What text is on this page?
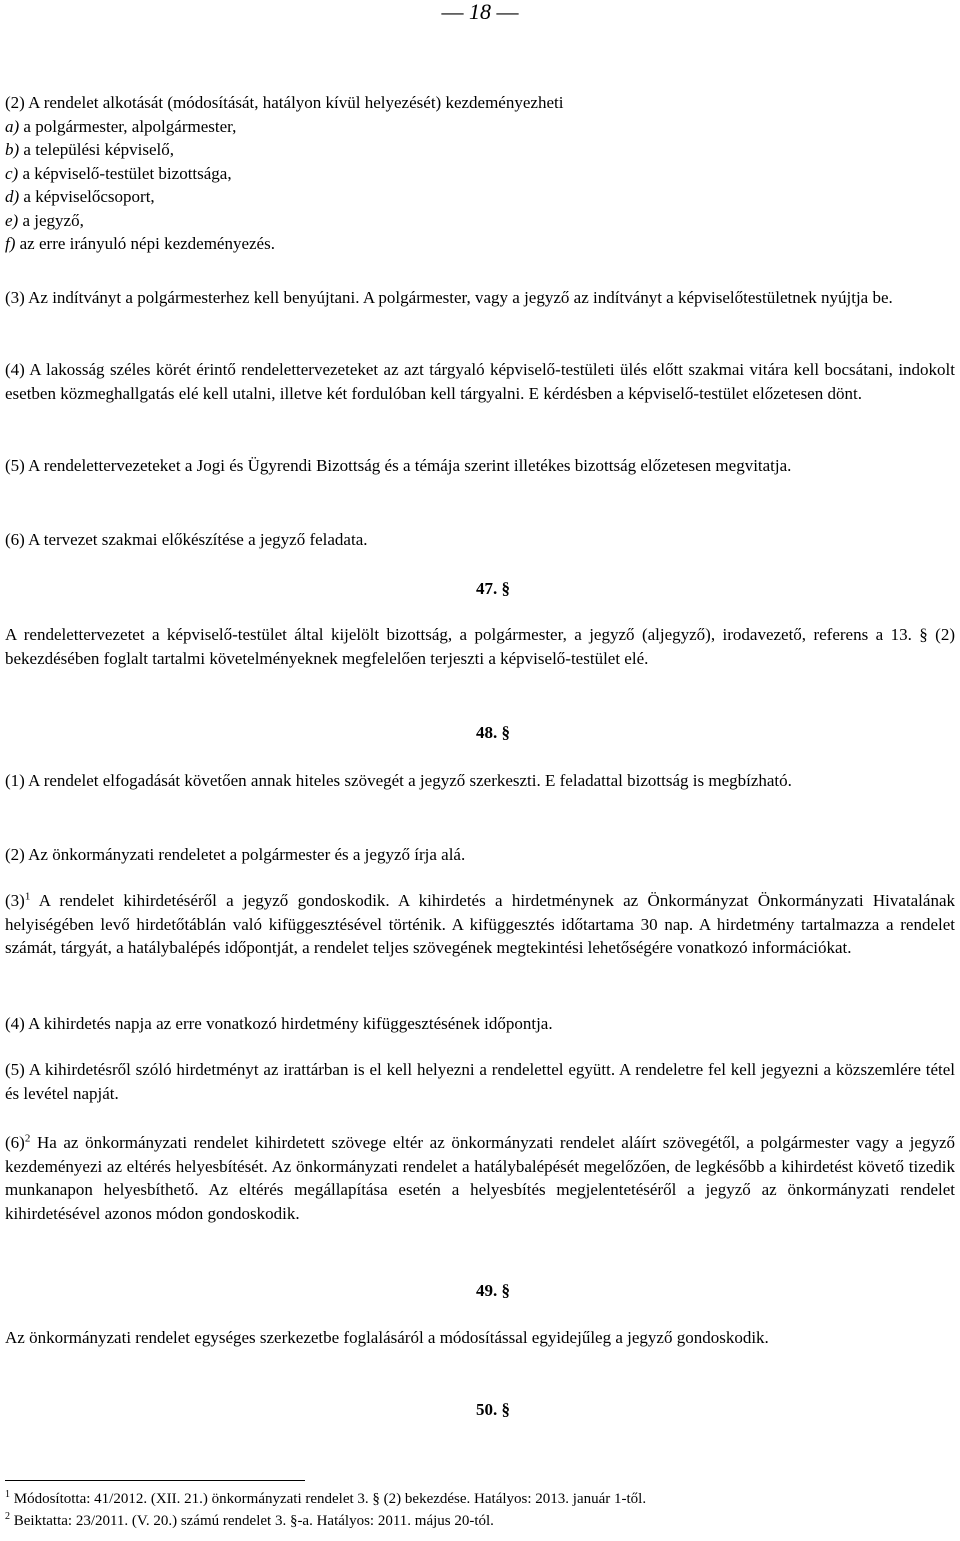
— 18 —

(2) A rendelet alkotását (módosítását, hatályon kívül helyezését) kezdeményezheti

a) a polgármester, alpolgármester,

b) a települési képviselő,

c) a képviselő-testület bizottsága,

d) a képviselőcsoport,

e) a jegyző,

f) az erre irányuló népi kezdeményezés.

(3) Az indítványt a polgármesterhez kell benyújtani. A polgármester, vagy a jegyző az indítványt a képviselőtestületnek nyújtja be.

(4) A lakosság széles körét érintő rendelettervezeteket az azt tárgyaló képviselő-testületi ülés előtt szakmai vitára kell bocsátani, indokolt esetben közmeghallgatás elé kell utalni, illetve két fordulóban kell tárgyalni. E kérdésben a képviselő-testület előzetesen dönt.

(5) A rendelettervezeteket a Jogi és Ügyrendi Bizottság és a témája szerint illetékes bizottság előzetesen megvitatja.

(6) A tervezet szakmai előkészítése a jegyző feladata.

47. §

A rendelettervezetet a képviselő-testület által kijelölt bizottság, a polgármester, a jegyző (aljegyző), irodavezető, referens a 13. § (2) bekezdésében foglalt tartalmi követelményeknek megfelelően terjeszti a képviselő-testület elé.

48. §

(1) A rendelet elfogadását követően annak hiteles szövegét a jegyző szerkeszti. E feladattal bizottság is megbízható.

(2) Az önkormányzati rendeletet a polgármester és a jegyző írja alá.

$(3)^1$ A rendelet kihirdetéséről a jegyző gondoskodik. A kihirdetés a hirdetménynek az Önkormányzat Önkormányzati Hivatalának helyiségében levő hirdetőtáblán való kifüggesztésével történik. A kifüggesztés időtartama 30 nap. A hirdetmény tartalmazza a rendelet számát, tárgyát, a hatálybalépés időpontját, a rendelet teljes szövegének megtekintési lehetőségére vonatkozó információkat.

(4) A kihirdetés napja az erre vonatkozó hirdetmény kifüggesztésének időpontja.

(5) A kihirdetésről szóló hirdetményt az irattárban is el kell helyezni a rendelettel együtt. A rendeletre fel kell jegyezni a közszemlére tétel és levétel napját.

$(6)^2$ Ha az önkormányzati rendelet kihirdetett szövege eltér az önkormányzati rendelet aláírt szövegétől, a polgármester vagy a jegyző kezdeményezi az eltérés helyesbítését. Az önkormányzati rendelet a hatálybalépését megelőzően, de legkésőbb a kihirdetést követő tizedik munkanapon helyesbíthető. Az eltérés megállapítása esetén a helyesbítés megjelentetéséről a jegyző az önkormányzati rendelet kihirdetésével azonos módon gondoskodik.

49. §

Az önkormányzati rendelet egységes szerkezetbe foglalásáról a módosítással egyidejűleg a jegyző gondoskodik.

50. §

$^1$ Módosította: 41/2012. (XII. 21.) önkormányzati rendelet 3. § (2) bekezdése. Hatályos: 2013. január 1-től.

$^2$ Beiktatta: 23/2011. (V. 20.) számú rendelet 3. §-a. Hatályos: 2011. május 20-tól.
